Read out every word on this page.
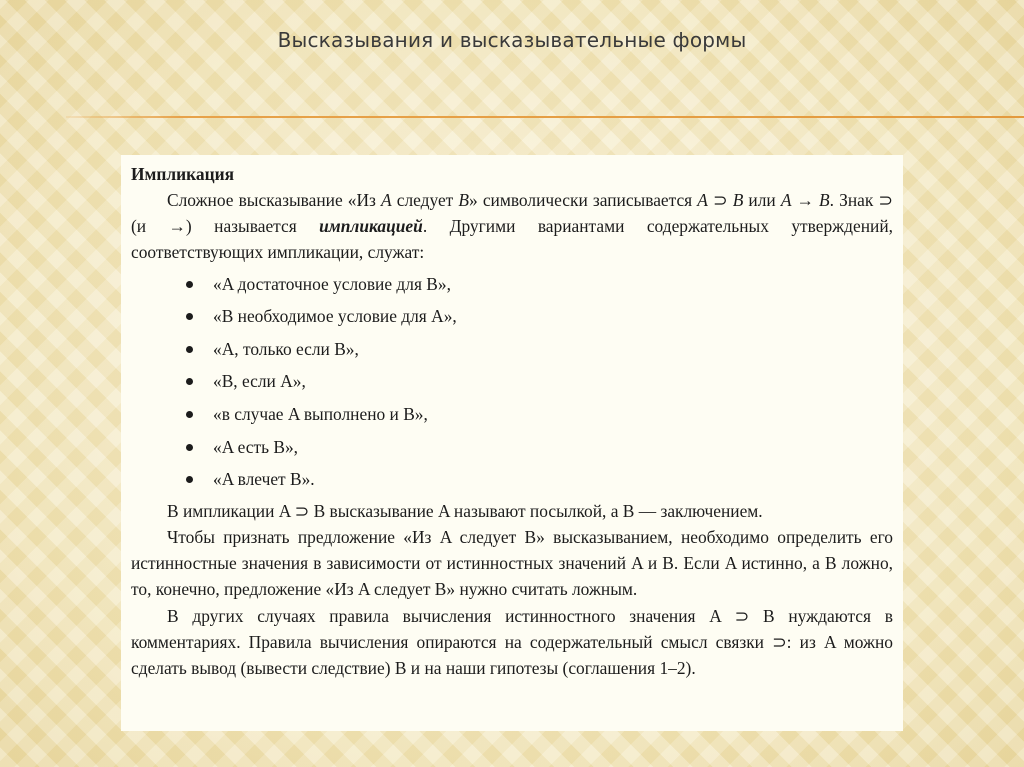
Высказывания и высказывательные формы

Импликация

Сложное высказывание «Из A следует B» символически записывается A ⊃ B или A → B. Знак ⊃ (и →) называется импликацией. Другими вариантами содержательных утверждений, соответствующих импликации, служат:

«A достаточное условие для B»,
«B необходимое условие для A»,
«A, только если B»,
«B, если A»,
«в случае A выполнено и B»,
«A есть B»,
«A влечет B».

В импликации A ⊃ B высказывание A называют посылкой, а B — заключением.

Чтобы признать предложение «Из A следует B» высказыванием, необходимо определить его истинностные значения в зависимости от истинностных значений A и B. Если A истинно, а B ложно, то, конечно, предложение «Из A следует B» нужно считать ложным.

В других случаях правила вычисления истинностного значения A ⊃ B нуждаются в комментариях. Правила вычисления опираются на содержательный смысл связки ⊃: из A можно сделать вывод (вывести следствие) B и на наши гипотезы (соглашения 1–2).
